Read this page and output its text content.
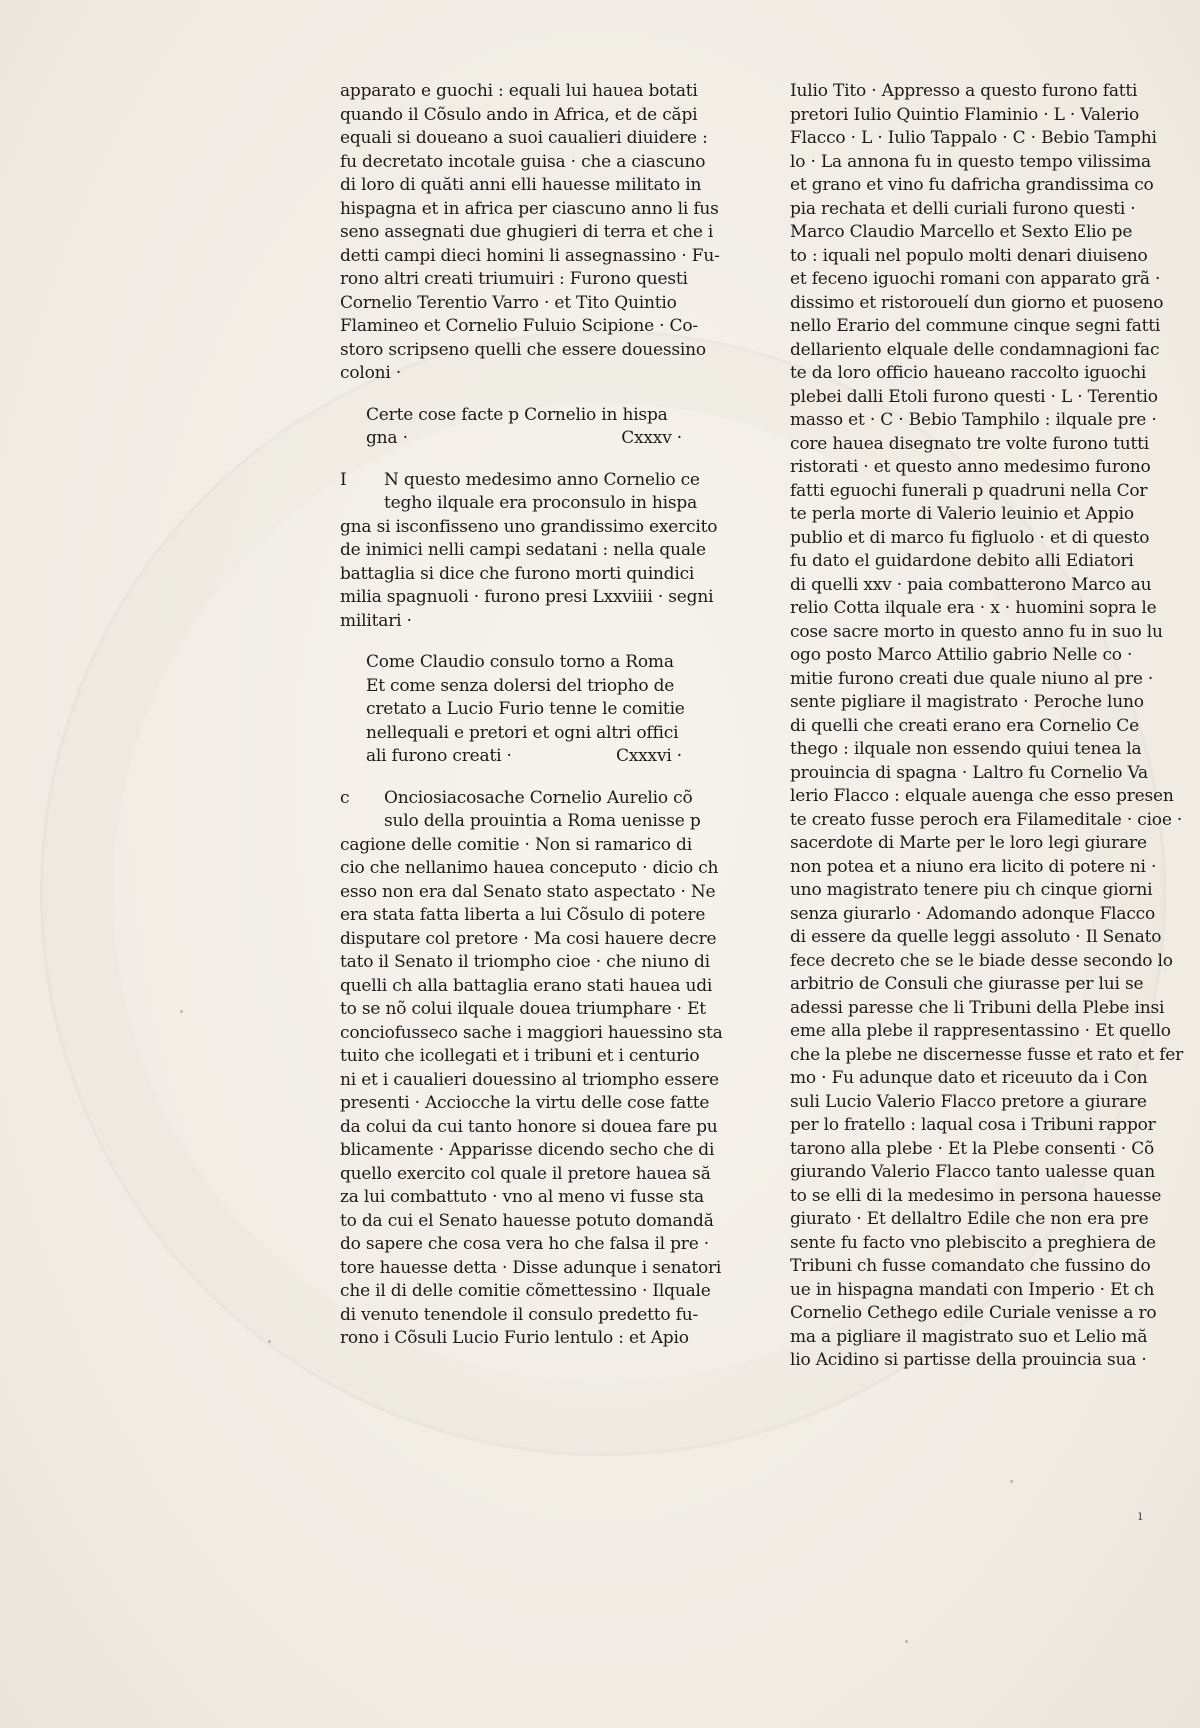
apparato e guochi : equali lui hauea botati
quando il Cõsulo ando in Africa, et de căpi
equali si doueano a suoi caualieri diuidere :
fu decretato incotale guisa · che a ciascuno
di loro di quăti anni elli hauesse militato in
hispagna et in africa per ciascuno anno li fus
seno assegnati due ghugieri di terra et che i
detti campi dieci homini li assegnassino · Fu-
rono altri creati triumuiri : Furono questi
Cornelio Terentio Varro · et Tito Quintio
Flamineo et Cornelio Fuluio Scipione · Co-
storo scripseno quelli che essere douessino
coloni ·
Certe cose facte p Cornelio in hispa
gna ·	Cxxxv ·
I N questo medesimo anno Cornelio ce
tegho ilquale era proconsulo in hispa
gna si isconfisseno uno grandissimo exercito
de inimici nelli campi sedatani : nella quale
battaglia si dice che furono morti quindici
milia spagnuoli · furono presi Lxxviiii · segni
militari ·
Come Claudio consulo torno a Roma
Et come senza dolersi del triopho de
cretato a Lucio Furio tenne le comitie
nellequali e pretori et ogni altri offici
ali furono creati ·	Cxxxvi ·
c Onciosiacosache Cornelio Aurelio cõ
sulo della prouintia a Roma uenisse p
cagione delle comitie · Non si ramarico di
cio che nellanimo hauea conceputo · dicio ch
esso non era dal Senato stato aspectato · Ne
era stata fatta liberta a lui Cõsulo di potere
disputare col pretore · Ma cosi hauere decre
tato il Senato il triompho cioe · che niuno di
quelli ch alla battaglia erano stati hauea udi
to se nõ colui ilquale douea triumphare · Et
conciofusseco sache i maggiori hauessino sta
tuito che icollegati et i tribuni et i centurio
ni et i caualieri douessino al triompho essere
presenti · Acciocche la virtu delle cose fatte
da colui da cui tanto honore si douea fare pu
blicamente · Apparisse dicendo secho che di
quello exercito col quale il pretore hauea să
za lui combattuto · vno al meno vi fusse sta
to da cui el Senato hauesse potuto domandă
do sapere che cosa vera ho che falsa il pre ·
tore hauesse detta · Disse adunque i senatori
che il di delle comitie cõmettessino · Ilquale
di venuto tenendole il consulo predetto fu-
rono i Cõsuli Lucio Furio lentulo : et Apio
Iulio Tito · Appresso a questo furono fatti
pretori Iulio Quintio Flaminio · L · Valerio
Flacco · L · Iulio Tappalo · C · Bebio Tamphi
lo · La annona fu in questo tempo vilissima
et grano et vino fu dafricha grandissima co
pia rechata et delli curiali furono questi ·
Marco Claudio Marcello et Sexto Elio pe
to : iquali nel populo molti denari diuiseno
et feceno iguochi romani con apparato grã ·
dissimo et ristorouelí dun giorno et puoseno
nello Erario del commune cinque segni fatti
dellariento elquale delle condamnagioni fac
te da loro officio haueano raccolto iguochi
plebei dalli Etoli furono questi · L · Terentio
masso et · C · Bebio Tamphilo : ilquale pre ·
core hauea disegnato tre volte furono tutti
ristorati · et questo anno medesimo furono
fatti eguochi funerali p quadruni nella Cor
te perla morte di Valerio leuinio et Appio
publio et di marco fu figluolo · et di questo
fu dato el guidardone debito alli Ediatori
di quelli xxv · paia combatterono Marco au
relio Cotta ilquale era · x · huomini sopra le
cose sacre morto in questo anno fu in suo lu
ogo posto Marco Attilio gabrio Nelle co ·
mitie furono creati due quale niuno al pre ·
sente pigliare il magistrato · Peroche luno
di quelli che creati erano era Cornelio Ce
thego : ilquale non essendo quiui tenea la
prouincia di spagna · Laltro fu Cornelio Va
lerio Flacco : elquale auenga che esso presen
te creato fusse peroch era Filameditale · cioe ·
sacerdote di Marte per le loro legi giurare
non potea et a niuno era licito di potere ni ·
uno magistrato tenere piu ch cinque giorni
senza giurarlo · Adomando adonque Flacco
di essere da quelle leggi assoluto · Il Senato
fece decreto che se le biade desse secondo lo
arbitrio de Consuli che giurasse per lui se
adessi paresse che li Tribuni della Plebe insi
eme alla plebe il rappresentassino · Et quello
che la plebe ne discernesse fusse et rato et fer
mo · Fu adunque dato et riceuuto da i Con
suli Lucio Valerio Flacco pretore a giurare
per lo fratello : laqual cosa i Tribuni rappor
tarono alla plebe · Et la Plebe consenti · Cõ
giurando Valerio Flacco tanto ualesse quan
to se elli di la medesimo in persona hauesse
giurato · Et dellaltro Edile che non era pre
sente fu facto vno plebiscito a preghiera de
Tribuni ch fusse comandato che fussino do
ue in hispagna mandati con Imperio · Et ch
Cornelio Cethego edile Curiale venisse a ro
ma a pigliare il magistrato suo et Lelio mă
lio Acidino si partisse della prouincia sua ·
ı
